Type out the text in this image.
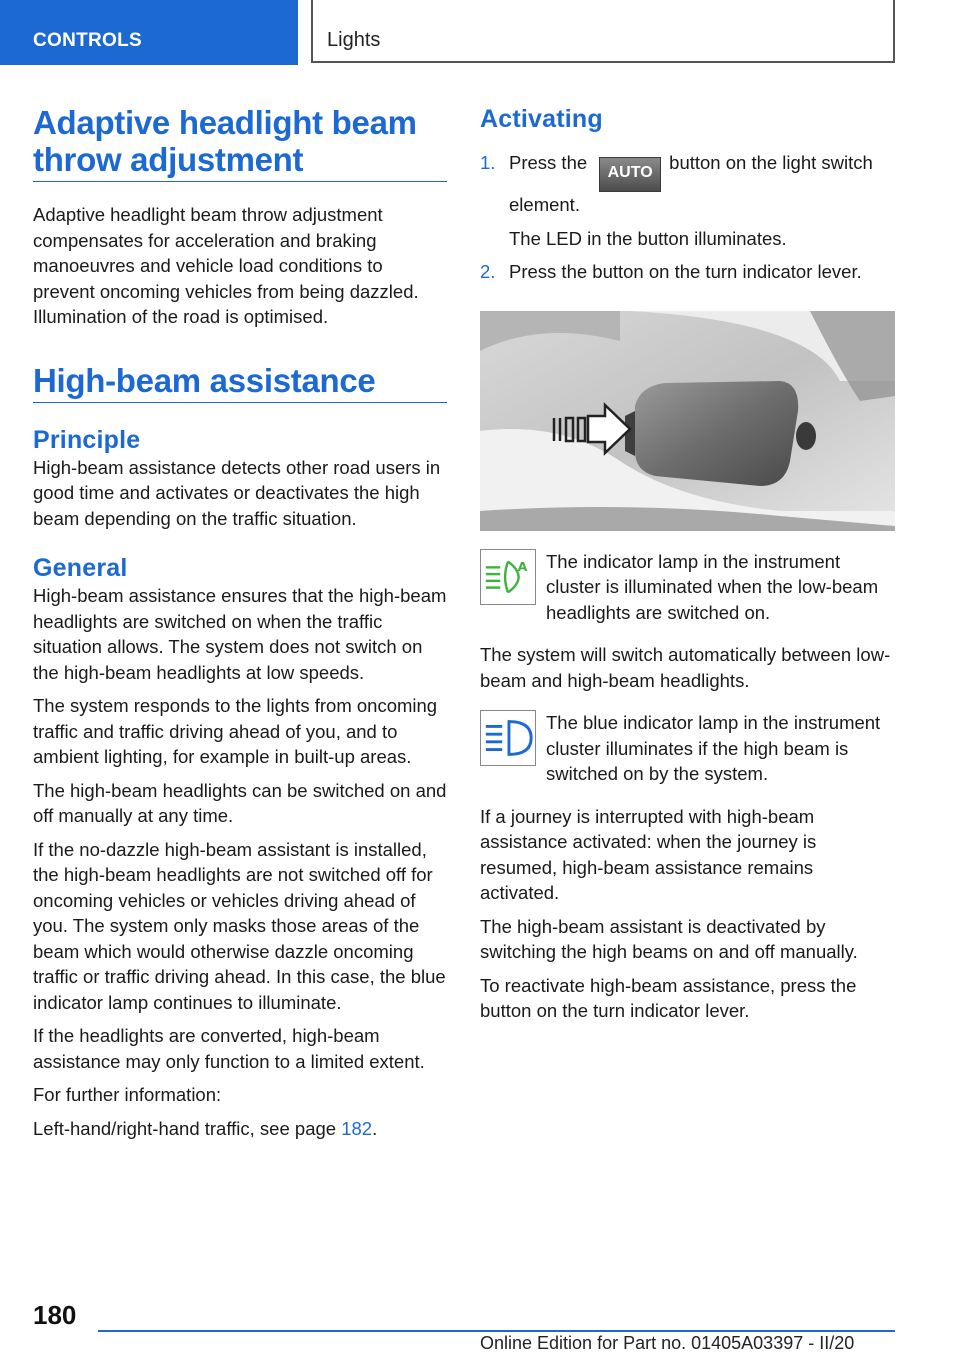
CONTROLS	Lights
Adaptive headlight beam
throw adjustment

Adaptive headlight beam throw adjustment compensates for acceleration and braking manoeuvres and vehicle load conditions to prevent oncoming vehicles from being dazzled. Illumination of the road is optimised.

High-beam assistance
Principle

High-beam assistance detects other road users in good time and activates or deactivates the high beam depending on the traffic situation.

General

High-beam assistance ensures that the high-beam headlights are switched on when the traffic situation allows. The system does not switch on the high-beam headlights at low speeds.

The system responds to the lights from oncoming traffic and traffic driving ahead of you, and to ambient lighting, for example in built-up areas.

The high-beam headlights can be switched on and off manually at any time.

If the no-dazzle high-beam assistant is installed, the high-beam headlights are not switched off for oncoming vehicles or vehicles driving ahead of you. The system only masks those areas of the beam which would otherwise dazzle oncoming traffic or traffic driving ahead. In this case, the blue indicator lamp continues to illuminate.

If the headlights are converted, high-beam assistance may only function to a limited extent.

For further information:

Left-hand/right-hand traffic, see page 182.

Activating
1. Press the AUTO button on the light switch element.
The LED in the button illuminates.
2. Press the button on the turn indicator lever.
A The indicator lamp in the instrument cluster is illuminated when the low-beam headlights are switched on.

The system will switch automatically between low-beam and high-beam headlights.

The blue indicator lamp in the instrument cluster illuminates if the high beam is switched on by the system.

If a journey is interrupted with high-beam assistance activated: when the journey is resumed, high-beam assistance remains activated.

The high-beam assistant is deactivated by switching the high beams on and off manually.

To reactivate high-beam assistance, press the button on the turn indicator lever.

180
Online Edition for Part no. 01405A03397 - II/20
